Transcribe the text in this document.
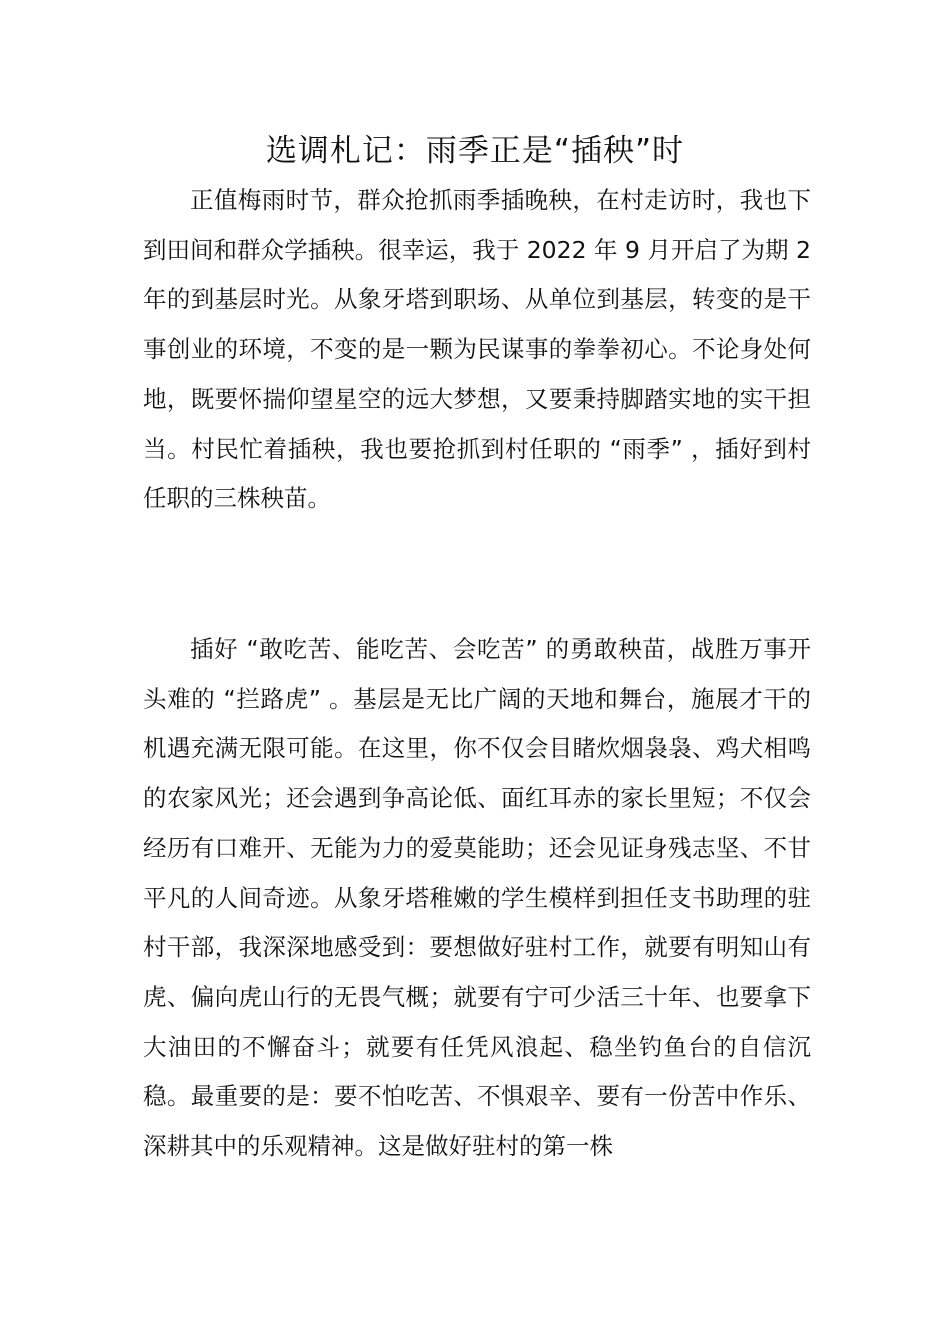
选调札记：雨季正是“插秧”时

正值梅雨时节，群众抢抓雨季插晚秧，在村走访时，我也下到田间和群众学插秧。很幸运，我于 2022 年 9 月开启了为期 2 年的到基层时光。从象牙塔到职场、从单位到基层，转变的是干事创业的环境，不变的是一颗为民谋事的拳拳初心。不论身处何地，既要怀揣仰望星空的远大梦想，又要秉持脚踏实地的实干担当。村民忙着插秧，我也要抢抓到村任职的 “雨季” ，插好到村任职的三株秧苗。

插好 “敢吃苦、能吃苦、会吃苦” 的勇敢秧苗，战胜万事开头难的 “拦路虎” 。基层是无比广阔的天地和舞台，施展才干的机遇充满无限可能。在这里，你不仅会目睹炊烟袅袅、鸡犬相鸣的农家风光；还会遇到争高论低、面红耳赤的家长里短；不仅会经历有口难开、无能为力的爱莫能助；还会见证身残志坚、不甘平凡的人间奇迹。从象牙塔稚嫩的学生模样到担任支书助理的驻村干部，我深深地感受到：要想做好驻村工作，就要有明知山有虎、偏向虎山行的无畏气概；就要有宁可少活三十年、也要拿下大油田的不懈奋斗；就要有任凭风浪起、稳坐钓鱼台的自信沉稳。最重要的是：要不怕吃苦、不惧艰辛、要有一份苦中作乐、深耕其中的乐观精神。这是做好驻村的第一株
